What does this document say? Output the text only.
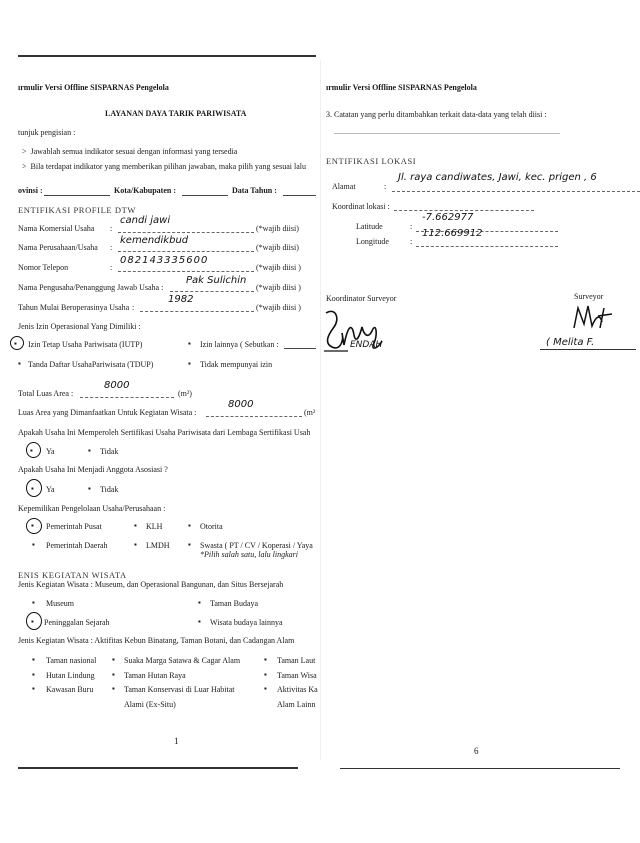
ırmulir Versi Offline SISPARNAS Pengelola
LAYANAN DAYA TARIK PARIWISATA
tunjuk pengisian :
>  Jawablah semua indikator sesuai dengan informasi yang tersedia
>  Bila terdapat indikator yang memberikan pilihan jawaban, maka pilih yang sesuai lalu
ovinsi :	Kota/Kabupaten :	Data Tahun :
ENTIFIKASI PROFILE DTW
Nama Komersial Usaha :
candi jawi
(*wajib diisi)
Nama Perusahaan/Usaha :
kemendikbud
(*wajib diisi)
Nomor Telepon	:
082143335600
(*wajib diisi )
Nama Pengusaha/Penanggung Jawab Usaha :
Pak Sulichin
(*wajib diisi )
Tahun Mulai Beroperasinya Usaha :
1982
(*wajib diisi )
Jenis Izin Operasional Yang Dimiliki :
▪ Izin Tetap Usaha Pariwisata (IUTP)	▪ Izin lainnya ( Sebutkan :
▪ Tanda Daftar UsahaPariwisata (TDUP)	▪ Tidak mempunyai izin
Total Luas Area :
8000
(m²)
Luas Area yang Dimanfaatkan Untuk Kegiatan Wisata :
8000
(m²
Apakah Usaha Ini Memperoleh Sertifikasi Usaha Pariwisata dari Lembaga Sertifikasi Usah
▪ Ya	▪ Tidak
Apakah Usaha Ini Menjadi Anggota Asosiasi ?
▪ Ya	▪ Tidak
Kepemilikan Pengelolaan Usaha/Perusahaan :
▪ Pemerintah Pusat	▪ KLH	▪ Otorita
▪ Pemerintah Daerah	▪ LMDH ▪ Swasta ( PT / CV / Koperasi / Yaya
*Pilih salah satu, lalu lingkari
ENIS KEGIATAN WISATA
Jenis Kegiatan Wisata : Museum, dan Operasional Bangunan, dan Situs Bersejarah
▪ Museum	▪ Taman Budaya
▪ Peninggalan Sejarah	▪ Wisata budaya lainnya
Jenis Kegiatan Wisata : Aktifitas Kebun Binatang, Taman Botani, dan Cadangan Alam
▪ Taman nasional ▪ Suaka Marga Satawa & Cagar Alam	▪ Taman Laut
▪ Hutan Lindung ▪ Taman Hutan Raya	▪ Taman Wisa
▪ Kawasan Buru ▪ Taman Konservasi di Luar Habitat	▪ Aktivitas Ka
Alami (Ex-Situ)	Alam Lainn
1
ırmulir Versi Offline SISPARNAS Pengelola
3. Catatan yang perlu ditambahkan terkait data-data yang telah diisi :
ENTIFIKASI LOKASI
Alamat	:
Jl. raya candiwates, Jawi, kec. prigen , 6
Koordinat lokasi :
Latitude	:
-7.662977
Longitude	:
112.669912
Koordinator Surveyor	Surveyor
ENDAH	( Melita F.
6
